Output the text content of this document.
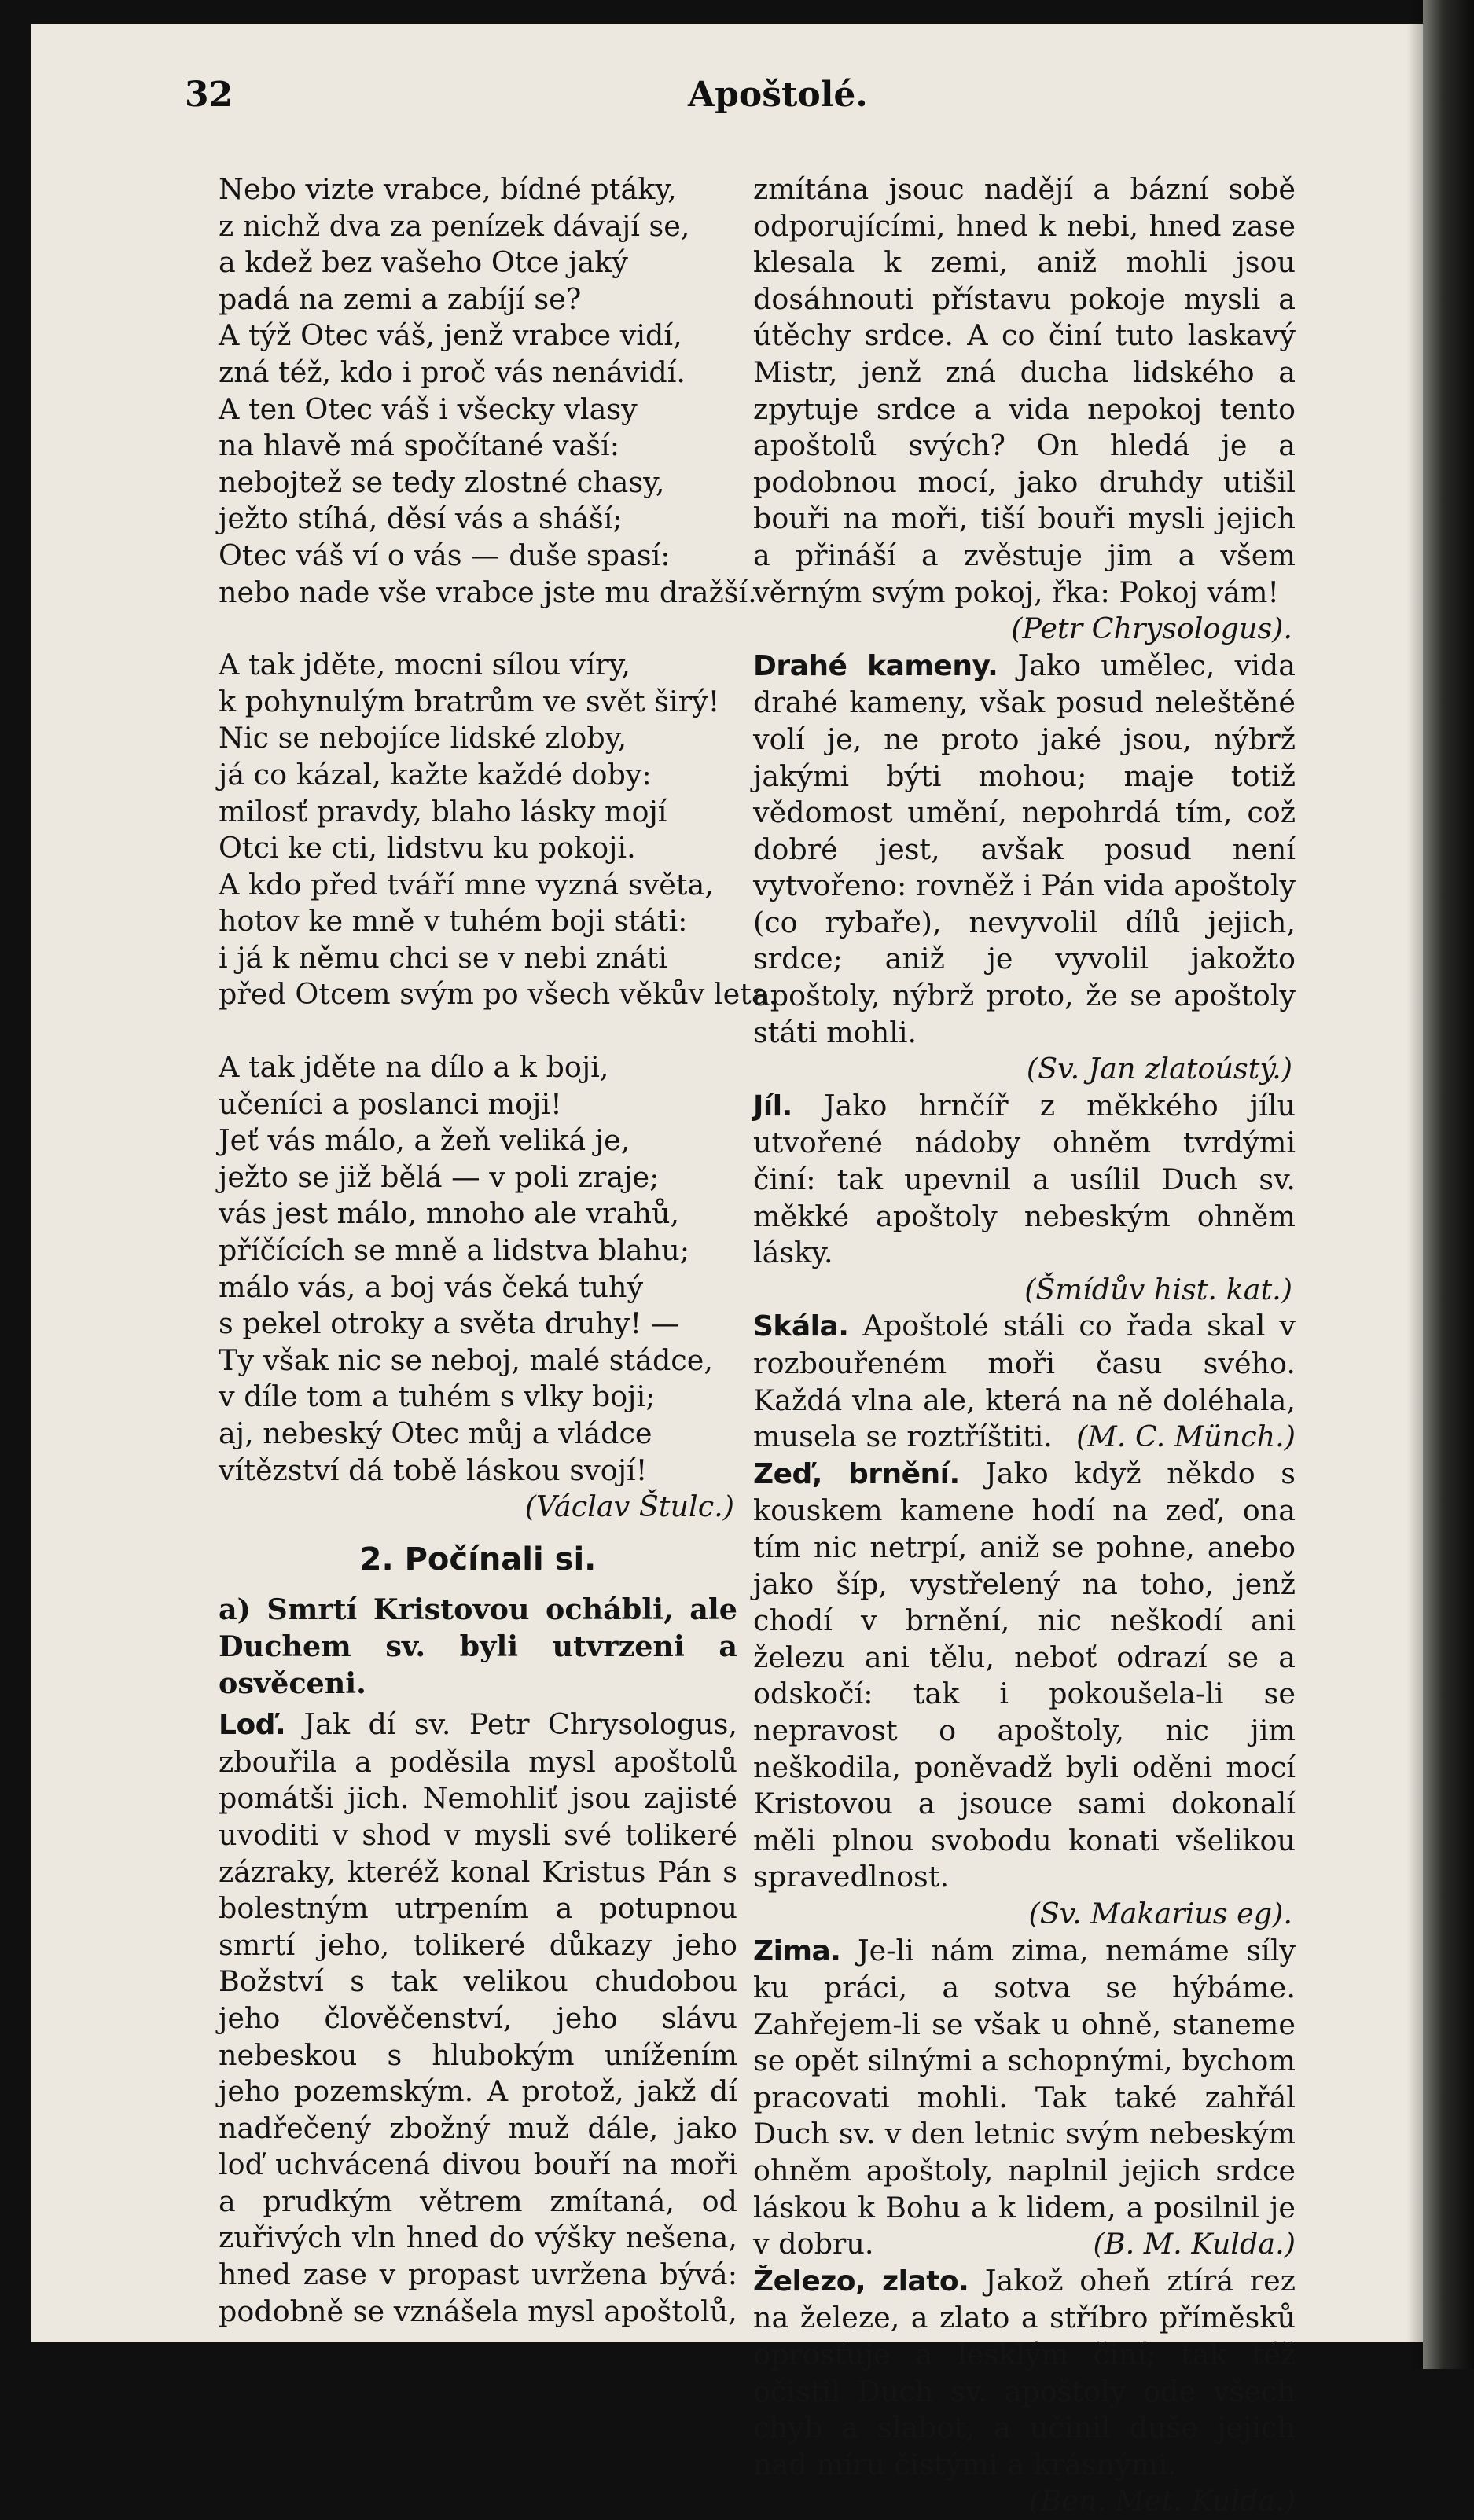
32	Apoštolé.
Nebo vizte vrabce, bídné ptáky,
z nichž dva za penízek dávají se,
a kdež bez vašeho Otce jaký
padá na zemi a zabíjí se?
A týž Otec váš, jenž vrabce vidí,
zná též, kdo i proč vás nenávidí.
A ten Otec váš i všecky vlasy
na hlavě má spočítané vaší:
nebojtež se tedy zlostné chasy,
ježto stíhá, děsí vás a sháší;
Otec váš ví o vás — duše spasí:
nebo nade vše vrabce jste mu dražší.
A tak jděte, mocni sílou víry,
k pohynulým bratrům ve svět širý!
Nic se nebojíce lidské zloby,
já co kázal, kažte každé doby:
milosť pravdy, blaho lásky mojí
Otci ke cti, lidstvu ku pokoji.
A kdo před tváří mne vyzná světa,
hotov ke mně v tuhém boji státi:
i já k němu chci se v nebi znáti
před Otcem svým po všech věkův leta.
A tak jděte na dílo a k boji,
učeníci a poslanci moji!
Jeť vás málo, a žeň veliká je,
ježto se již bělá — v poli zraje;
vás jest málo, mnoho ale vrahů,
příčících se mně a lidstva blahu;
málo vás, a boj vás čeká tuhý
s pekel otroky a světa druhy! —
Ty však nic se neboj, malé stádce,
v díle tom a tuhém s vlky boji;
aj, nebeský Otec můj a vládce
vítězství dá tobě láskou svojí!
(Václav Štulc.)
2. Počínali si.
a) Smrtí Kristovou ochábli, ale Duchem sv. byli utvrzeni a osvěceni.
Loď. Jak dí sv. Petr Chrysologus, zbouřila a poděsila mysl apoštolů pomátši jich. Nemohliť jsou zajisté uvoditi v shod v mysli své tolikeré zázraky, kteréž konal Kristus Pán s bolestným utrpením a potupnou smrtí jeho, tolikeré důkazy jeho Božství s tak velikou chudobou jeho člověčenství, jeho slávu nebeskou s hlubokým unížením jeho pozemským. A protož, jakž dí nadřečený zbožný muž dále, jako loď uchvácená divou bouří na moři a prudkým větrem zmítaná, od zuřivých vln hned do výšky nešena, hned zase v propast uvržena bývá: podobně se vznášela mysl apoštolů,
zmítána jsouc nadějí a bázní sobě odporujícími, hned k nebi, hned zase klesala k zemi, aniž mohli jsou dosáhnouti přístavu pokoje mysli a útěchy srdce. A co činí tuto laskavý Mistr, jenž zná ducha lidského a zpytuje srdce a vida nepokoj tento apoštolů svých? On hledá je a podobnou mocí, jako druhdy utišil bouři na moři, tiší bouři mysli jejich a přináší a zvěstuje jim a všem věrným svým pokoj, řka: Pokoj vám!
(Petr Chrysologus).
Drahé kameny. Jako umělec, vida drahé kameny, však posud neleštěné volí je, ne proto jaké jsou, nýbrž jakými býti mohou; maje totiž vědomost umění, nepohrdá tím, což dobré jest, avšak posud není vytvořeno: rovněž i Pán vida apoštoly (co rybaře), nevyvolil dílů jejich, srdce; aniž je vyvolil jakožto apoštoly, nýbrž proto, že se apoštoly státi mohli.
(Sv. Jan zlatoústý.)
Jíl. Jako hrnčíř z měkkého jílu utvořené nádoby ohněm tvrdými činí: tak upevnil a usílil Duch sv. měkké apoštoly nebeským ohněm lásky.
(Šmídův hist. kat.)
Skála. Apoštolé stáli co řada skal v rozbouřeném moři času svého. Každá vlna ale, která na ně doléhala, musela se roztříštiti. (M. C. Münch.)
Zeď, brnění. Jako když někdo s kouskem kamene hodí na zeď, ona tím nic netrpí, aniž se pohne, anebo jako šíp, vystřelený na toho, jenž chodí v brnění, nic neškodí ani železu ani tělu, neboť odrazí se a odskočí: tak i pokoušela-li se nepravost o apoštoly, nic jim neškodila, poněvadž byli oděni mocí Kristovou a jsouce sami dokonalí měli plnou svobodu konati všelikou spravedlnost.
(Sv. Makarius eg).
Zima. Je-li nám zima, nemáme síly ku práci, a sotva se hýbáme. Zahřejem-li se však u ohně, staneme se opět silnými a schopnými, bychom pracovati mohli. Tak také zahřál Duch sv. v den letnic svým nebeským ohněm apoštoly, naplnil jejich srdce láskou k Bohu a k lidem, a posilnil je v dobru.	(B. M. Kulda.)
Železo, zlato. Jakož oheň ztírá rez na železe, a zlato a stříbro příměsků oprosťuje a lesklým činí; tak též očistil Duch sv. apoštoly ode všech chyb a slabot, a učinil duše jejich nad míru čistými a krásnými.
(Ben. Met. Kulda.)
